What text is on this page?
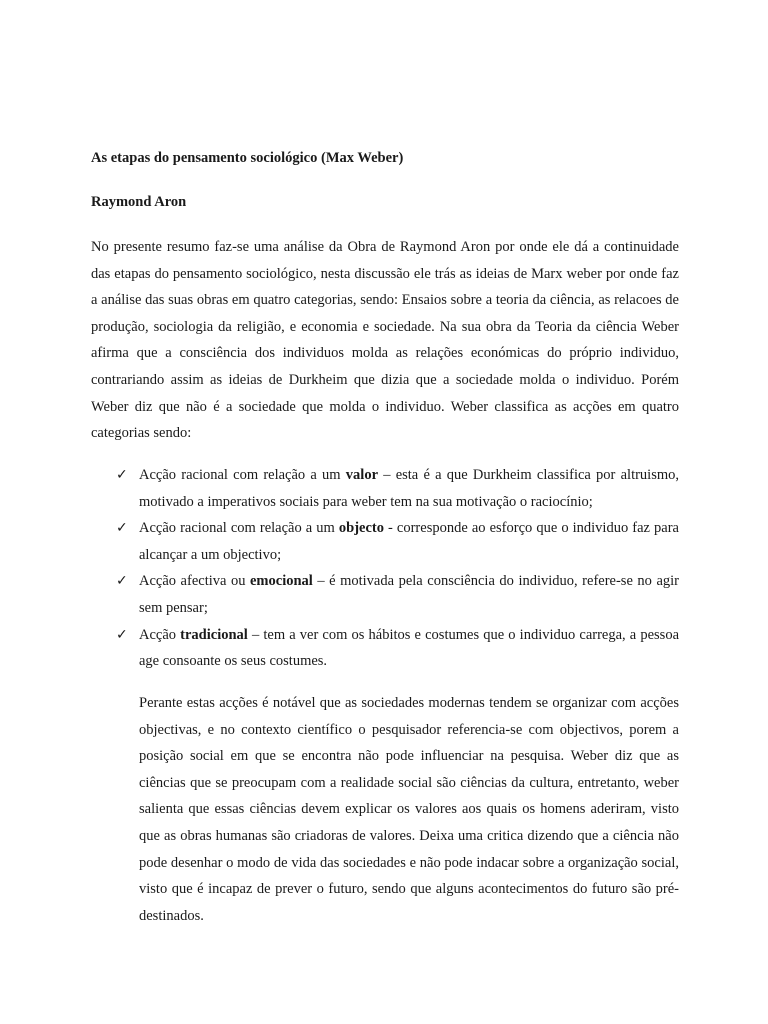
As etapas do pensamento sociológico (Max Weber)

Raymond Aron

No presente resumo faz-se uma análise da Obra de Raymond Aron por onde ele dá a continuidade das etapas do pensamento sociológico, nesta discussão ele trás as ideias de Marx weber por onde faz a análise das suas obras em quatro categorias, sendo: Ensaios sobre a teoria da ciência, as relacoes de produção, sociologia da religião, e economia e sociedade. Na sua obra da Teoria da ciência Weber afirma que a consciência dos individuos molda as relações económicas do próprio individuo, contrariando assim as ideias de Durkheim que dizia que a sociedade molda o individuo. Porém Weber diz que não é a sociedade que molda o individuo. Weber classifica as acções em quatro categorias sendo:

✓ Acção racional com relação a um valor – esta é a que Durkheim classifica por altruismo, motivado a imperativos sociais para weber tem na sua motivação o raciocínio;
✓ Acção racional com relação a um objecto - corresponde ao esforço que o individuo faz para alcançar a um objectivo;
✓ Acção afectiva ou emocional – é motivada pela consciência do individuo, refere-se no agir sem pensar;
✓ Acção tradicional – tem a ver com os hábitos e costumes que o individuo carrega, a pessoa age consoante os seus costumes.

Perante estas acções é notável que as sociedades modernas tendem se organizar com acções objectivas, e no contexto científico o pesquisador referencia-se com objectivos, porem a posição social em que se encontra não pode influenciar na pesquisa. Weber diz que as ciências que se preocupam com a realidade social são ciências da cultura, entretanto, weber salienta que essas ciências devem explicar os valores aos quais os homens aderiram, visto que as obras humanas são criadoras de valores. Deixa uma critica dizendo que a ciência não pode desenhar o modo de vida das sociedades e não pode indacar sobre a organização social, visto que é incapaz de prever o futuro, sendo que alguns acontecimentos do futuro são pré-destinados.
